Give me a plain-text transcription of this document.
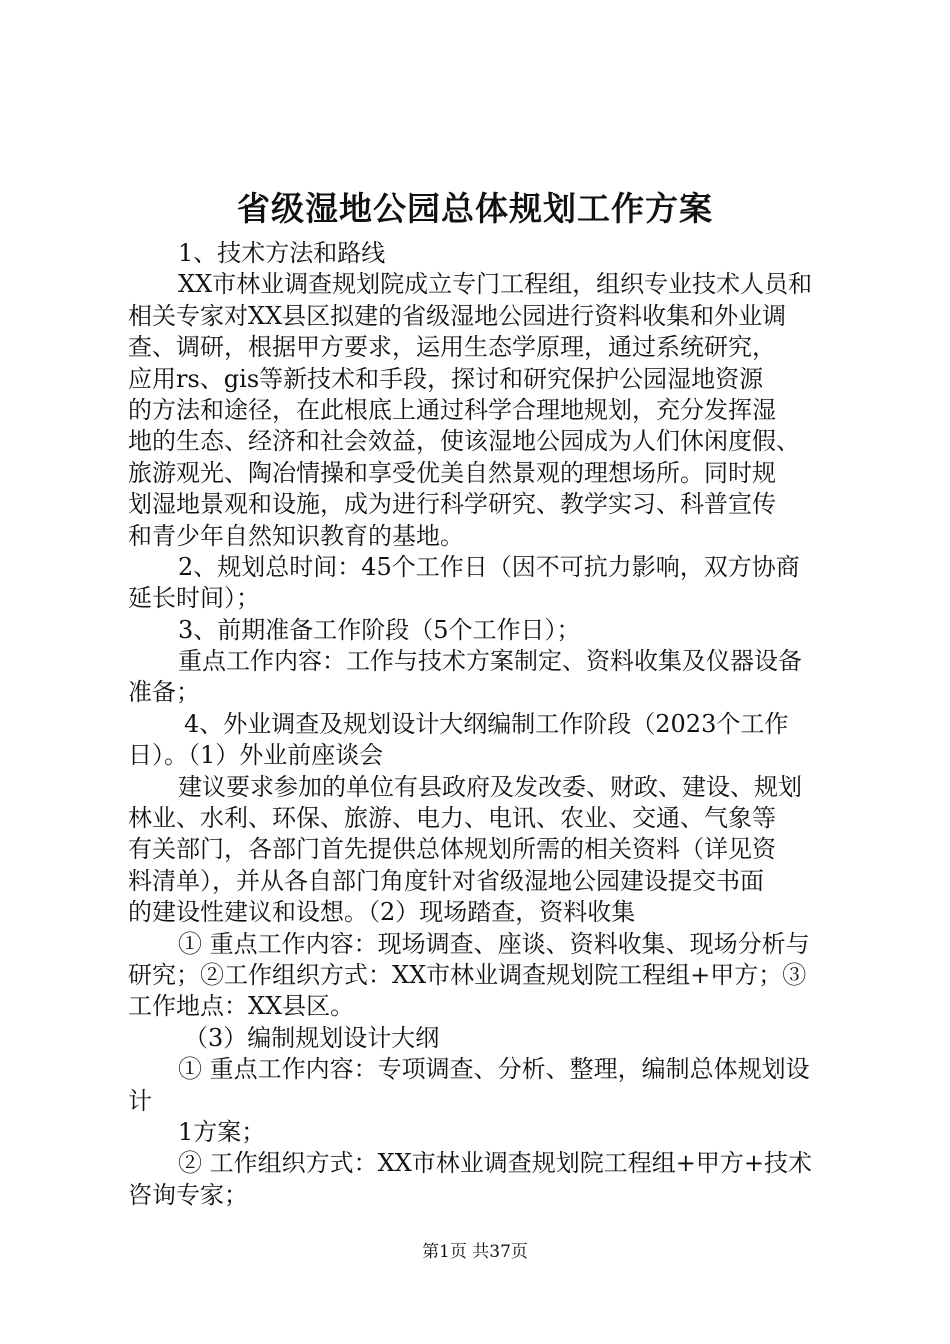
省级湿地公园总体规划工作方案
1、技术方法和路线
XX市林业调查规划院成立专门工程组，组织专业技术人员和
相关专家对XX县区拟建的省级湿地公园进行资料收集和外业调
查、调研，根据甲方要求，运用生态学原理，通过系统研究，
应用rs、gis等新技术和手段，探讨和研究保护公园湿地资源
的方法和途径，在此根底上通过科学合理地规划，充分发挥湿
地的生态、经济和社会效益，使该湿地公园成为人们休闲度假、
旅游观光、陶冶情操和享受优美自然景观的理想场所。同时规
划湿地景观和设施，成为进行科学研究、教学实习、科普宣传
和青少年自然知识教育的基地。
2、规划总时间：45个工作日（因不可抗力影响，双方协商
延长时间）；
3、前期准备工作阶段（5个工作日）；
重点工作内容：工作与技术方案制定、资料收集及仪器设备
准备；
4、外业调查及规划设计大纲编制工作阶段（2023个工作
日）。（1）外业前座谈会
建议要求参加的单位有县政府及发改委、财政、建设、规划
林业、水利、环保、旅游、电力、电讯、农业、交通、气象等
有关部门，各部门首先提供总体规划所需的相关资料（详见资
料清单），并从各自部门角度针对省级湿地公园建设提交书面
的建设性建议和设想。（2）现场踏查，资料收集
① 重点工作内容：现场调查、座谈、资料收集、现场分析与
研究；②工作组织方式：XX市林业调查规划院工程组+甲方；③
工作地点：XX县区。
（3）编制规划设计大纲
① 重点工作内容：专项调查、分析、整理，编制总体规划设
计
1方案；
② 工作组织方式：XX市林业调查规划院工程组+甲方+技术
咨询专家；
第1页 共37页
